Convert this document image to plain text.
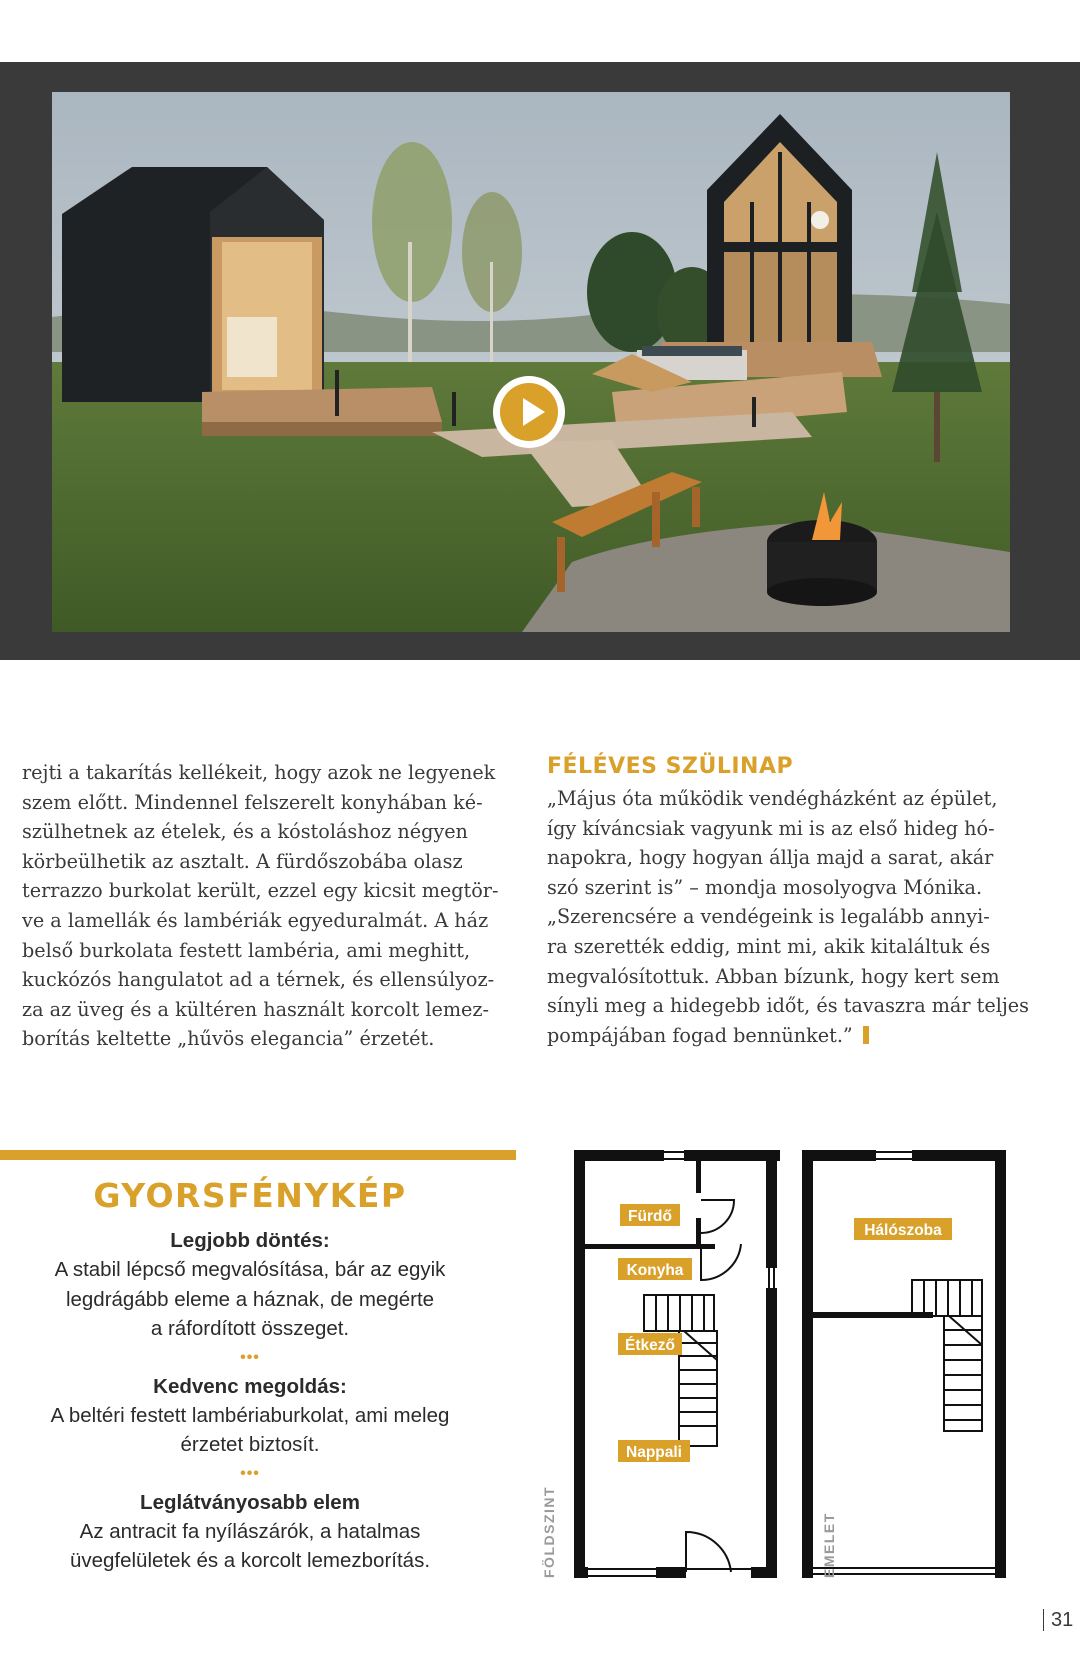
rejti a takarítás kellékeit, hogy azok ne legyenek

szem előtt. Mindennel felszerelt konyhában ké-

szülhetnek az ételek, és a kóstoláshoz négyen

körbeülhetik az asztalt. A fürdőszobába olasz

terrazzo burkolat került, ezzel egy kicsit megtör-

ve a lamellák és lambériák egyeduralmát. A ház

belső burkolata festett lambéria, ami meghitt,

kuckózós hangulatot ad a térnek, és ellensúlyoz-

za az üveg és a kültéren használt korcolt lemez-

borítás keltette „hűvös elegancia” érzetét.

FÉLÉVES SZÜLINAP

„Május óta működik vendégházként az épület,

így kíváncsiak vagyunk mi is az első hideg hó-

napokra, hogy hogyan állja majd a sarat, akár

szó szerint is” – mondja mosolyogva Mónika.

„Szerencsére a vendégeink is legalább annyi-

ra szerették eddig, mint mi, akik kitaláltuk és

megvalósítottuk. Abban bízunk, hogy kert sem

sínyli meg a hidegebb időt, és tavaszra már teljes

pompájában fogad bennünket.”

GYORSFÉNYKÉP

Legjobb döntés:

A stabil lépcső megvalósítása, bár az egyik

legdrágább eleme a háznak, de megérte

a ráfordított összeget.

•••

Kedvenc megoldás:

A beltéri festett lambériaburkolat, ami meleg

érzetet biztosít.

•••

Leglátványosabb elem

Az antracit fa nyílászárók, a hatalmas

üvegfelületek és a korcolt lemezborítás.

Fürdő
Konyha
Étkező
Nappali
Hálószoba
FÖLDSZINT	EMELET
31
